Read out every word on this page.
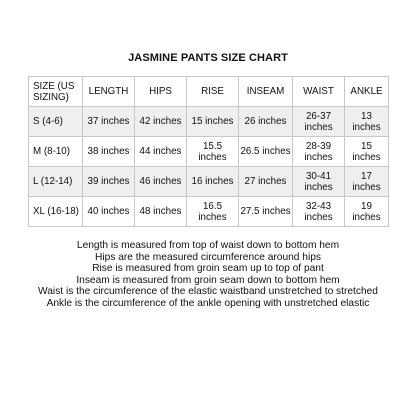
JASMINE PANTS SIZE CHART
SIZE (US SIZING)	LENGTH	HIPS	RISE	INSEAM	WAIST	ANKLE
S (4-6)	37 inches	42 inches	15 inches	26 inches	26-37 inches	13 inches
M (8-10)	38 inches	44 inches	15.5 inches	26.5 inches	28-39 inches	15 inches
L (12-14)	39 inches	46 inches	16 inches	27 inches	30-41 inches	17 inches
XL (16-18)	40 inches	48 inches	16.5 inches	27.5 inches	32-43 inches	19 inches
Length is measured from top of waist down to bottom hem
Hips are the measured circumference around hips
Rise is measured from groin seam up to top of pant
Inseam is measured from groin seam down to bottom hem
Waist is the circumference of the elastic waistband unstretched to stretched
Ankle is the circumference of the ankle opening with unstretched elastic
